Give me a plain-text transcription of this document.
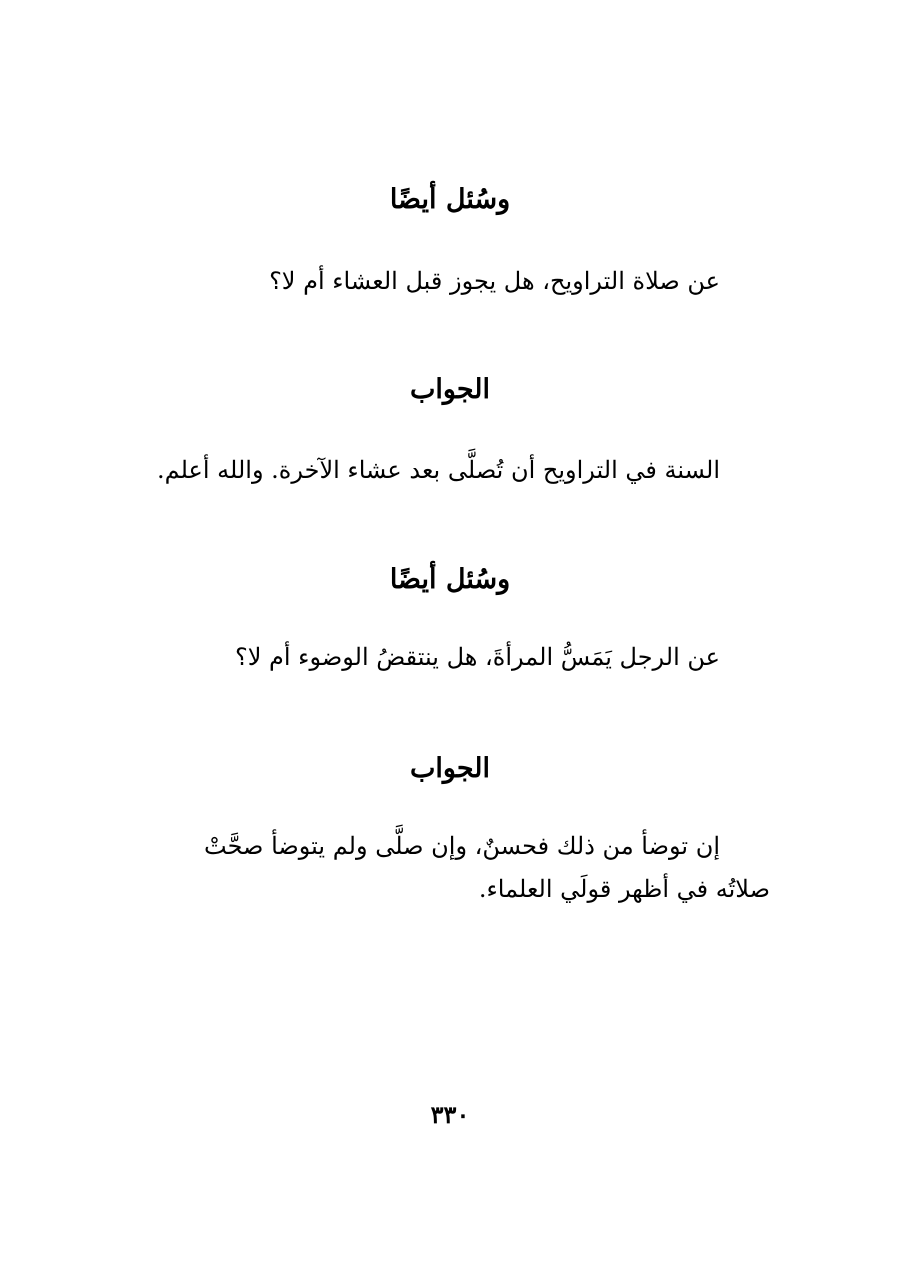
وسُئل أيضًا

عن صلاة التراويح، هل يجوز قبل العشاء أم لا؟

الجواب

السنة في التراويح أن تُصلَّى بعد عشاء الآخرة. والله أعلم.

وسُئل أيضًا

عن الرجل يَمَسُّ المرأةَ، هل ينتقضُ الوضوء أم لا؟

الجواب

إن توضأ من ذلك فحسنٌ، وإن صلَّى ولم يتوضأ صحَّتْ

صلاتُه في أظهر قولَي العلماء.

٣٣٠
